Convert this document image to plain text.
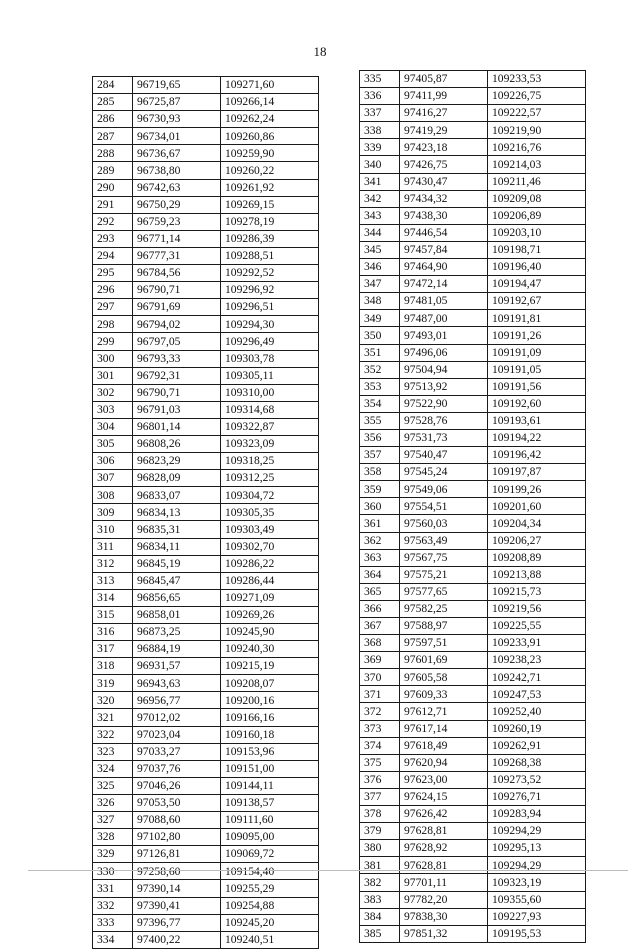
18
284	96719,65	109271,60
285	96725,87	109266,14
286	96730,93	109262,24
287	96734,01	109260,86
288	96736,67	109259,90
289	96738,80	109260,22
290	96742,63	109261,92
291	96750,29	109269,15
292	96759,23	109278,19
293	96771,14	109286,39
294	96777,31	109288,51
295	96784,56	109292,52
296	96790,71	109296,92
297	96791,69	109296,51
298	96794,02	109294,30
299	96797,05	109296,49
300	96793,33	109303,78
301	96792,31	109305,11
302	96790,71	109310,00
303	96791,03	109314,68
304	96801,14	109322,87
305	96808,26	109323,09
306	96823,29	109318,25
307	96828,09	109312,25
308	96833,07	109304,72
309	96834,13	109305,35
310	96835,31	109303,49
311	96834,11	109302,70
312	96845,19	109286,22
313	96845,47	109286,44
314	96856,65	109271,09
315	96858,01	109269,26
316	96873,25	109245,90
317	96884,19	109240,30
318	96931,57	109215,19
319	96943,63	109208,07
320	96956,77	109200,16
321	97012,02	109166,16
322	97023,04	109160,18
323	97033,27	109153,96
324	97037,76	109151,00
325	97046,26	109144,11
326	97053,50	109138,57
327	97088,60	109111,60
328	97102,80	109095,00
329	97126,81	109069,72
330	97258,60	109154,40
331	97390,14	109255,29
332	97390,41	109254,88
333	97396,77	109245,20
334	97400,22	109240,51
335	97405,87	109233,53
336	97411,99	109226,75
337	97416,27	109222,57
338	97419,29	109219,90
339	97423,18	109216,76
340	97426,75	109214,03
341	97430,47	109211,46
342	97434,32	109209,08
343	97438,30	109206,89
344	97446,54	109203,10
345	97457,84	109198,71
346	97464,90	109196,40
347	97472,14	109194,47
348	97481,05	109192,67
349	97487,00	109191,81
350	97493,01	109191,26
351	97496,06	109191,09
352	97504,94	109191,05
353	97513,92	109191,56
354	97522,90	109192,60
355	97528,76	109193,61
356	97531,73	109194,22
357	97540,47	109196,42
358	97545,24	109197,87
359	97549,06	109199,26
360	97554,51	109201,60
361	97560,03	109204,34
362	97563,49	109206,27
363	97567,75	109208,89
364	97575,21	109213,88
365	97577,65	109215,73
366	97582,25	109219,56
367	97588,97	109225,55
368	97597,51	109233,91
369	97601,69	109238,23
370	97605,58	109242,71
371	97609,33	109247,53
372	97612,71	109252,40
373	97617,14	109260,19
374	97618,49	109262,91
375	97620,94	109268,38
376	97623,00	109273,52
377	97624,15	109276,71
378	97626,42	109283,94
379	97628,81	109294,29
380	97628,92	109295,13
381	97628,81	109294,29
382	97701,11	109323,19
383	97782,20	109355,60
384	97838,30	109227,93
385	97851,32	109195,53
